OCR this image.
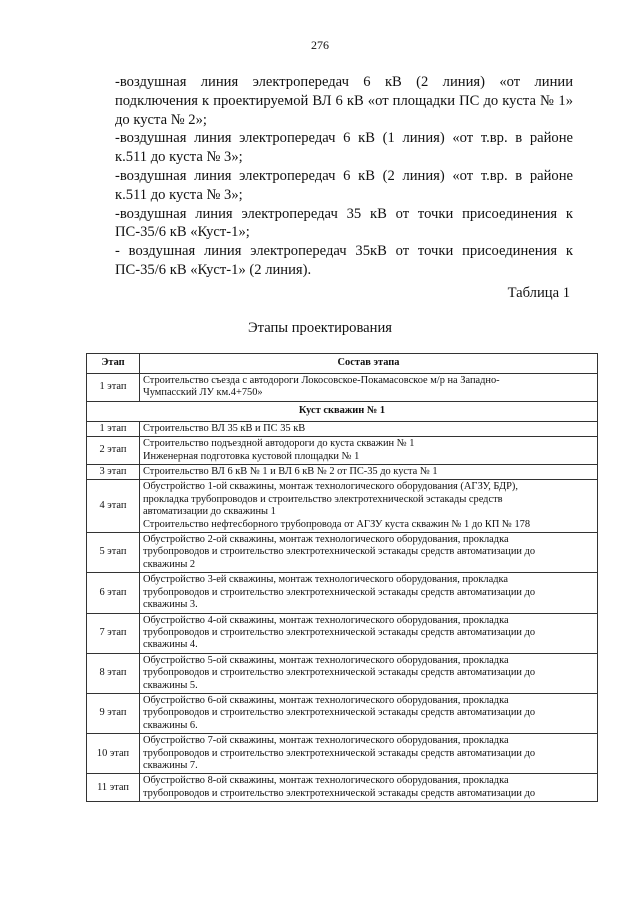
276

-воздушная линия электропередач 6 кВ (2 линия) «от линии
подключения к проектируемой ВЛ 6 кВ «от площадки ПС до куста № 1»
до куста № 2»;

-воздушная линия электропередач 6 кВ (1 линия) «от т.вр. в районе
к.511 до куста № 3»;

-воздушная линия электропередач 6 кВ (2 линия) «от т.вр. в районе
к.511 до куста № 3»;

-воздушная линия электропередач 35 кВ от точки присоединения к
ПС-35/6 кВ «Куст-1»;

- воздушная линия электропередач 35кВ от точки присоединения к
ПС-35/6 кВ «Куст-1» (2 линия).

Таблица 1
Этапы проектирования
Этап	Состав этапа
1 этап	Строительство съезда с автодороги Локосовское-Покамасовское м/р на Западно-
Чумпасский ЛУ км.4+750»

Куст скважин № 1	
1 этап	Строительство ВЛ 35 кВ и ПС 35 кВ

2 этап	Строительство подъездной автодороги до куста скважин № 1
Инженерная подготовка кустовой площадки № 1

3 этап	Строительство ВЛ 6 кВ № 1 и ВЛ 6 кВ № 2 от ПС-35 до куста № 1

4 этап	Обустройство 1-ой скважины, монтаж технологического оборудования (АГЗУ, БДР),
прокладка трубопроводов и строительство электротехнической эстакады средств
автоматизации до скважины 1
Строительство нефтесборного трубопровода от АГЗУ куста скважин № 1 до КП № 178

5 этап	Обустройство 2-ой скважины, монтаж технологического оборудования, прокладка
трубопроводов и строительство электротехнической эстакады средств автоматизации до
скважины 2

6 этап	Обустройство 3-ей скважины, монтаж технологического оборудования, прокладка
трубопроводов и строительство электротехнической эстакады средств автоматизации до
скважины 3.

7 этап	Обустройство 4-ой скважины, монтаж технологического оборудования, прокладка
трубопроводов и строительство электротехнической эстакады средств автоматизации до
скважины 4.

8 этап	Обустройство 5-ой скважины, монтаж технологического оборудования, прокладка
трубопроводов и строительство электротехнической эстакады средств автоматизации до
скважины 5.

9 этап	Обустройство 6-ой скважины, монтаж технологического оборудования, прокладка
трубопроводов и строительство электротехнической эстакады средств автоматизации до
скважины 6.

10 этап	Обустройство 7-ой скважины, монтаж технологического оборудования, прокладка
трубопроводов и строительство электротехнической эстакады средств автоматизации до
скважины 7.

11 этап	Обустройство 8-ой скважины, монтаж технологического оборудования, прокладка
трубопроводов и строительство электротехнической эстакады средств автоматизации до
